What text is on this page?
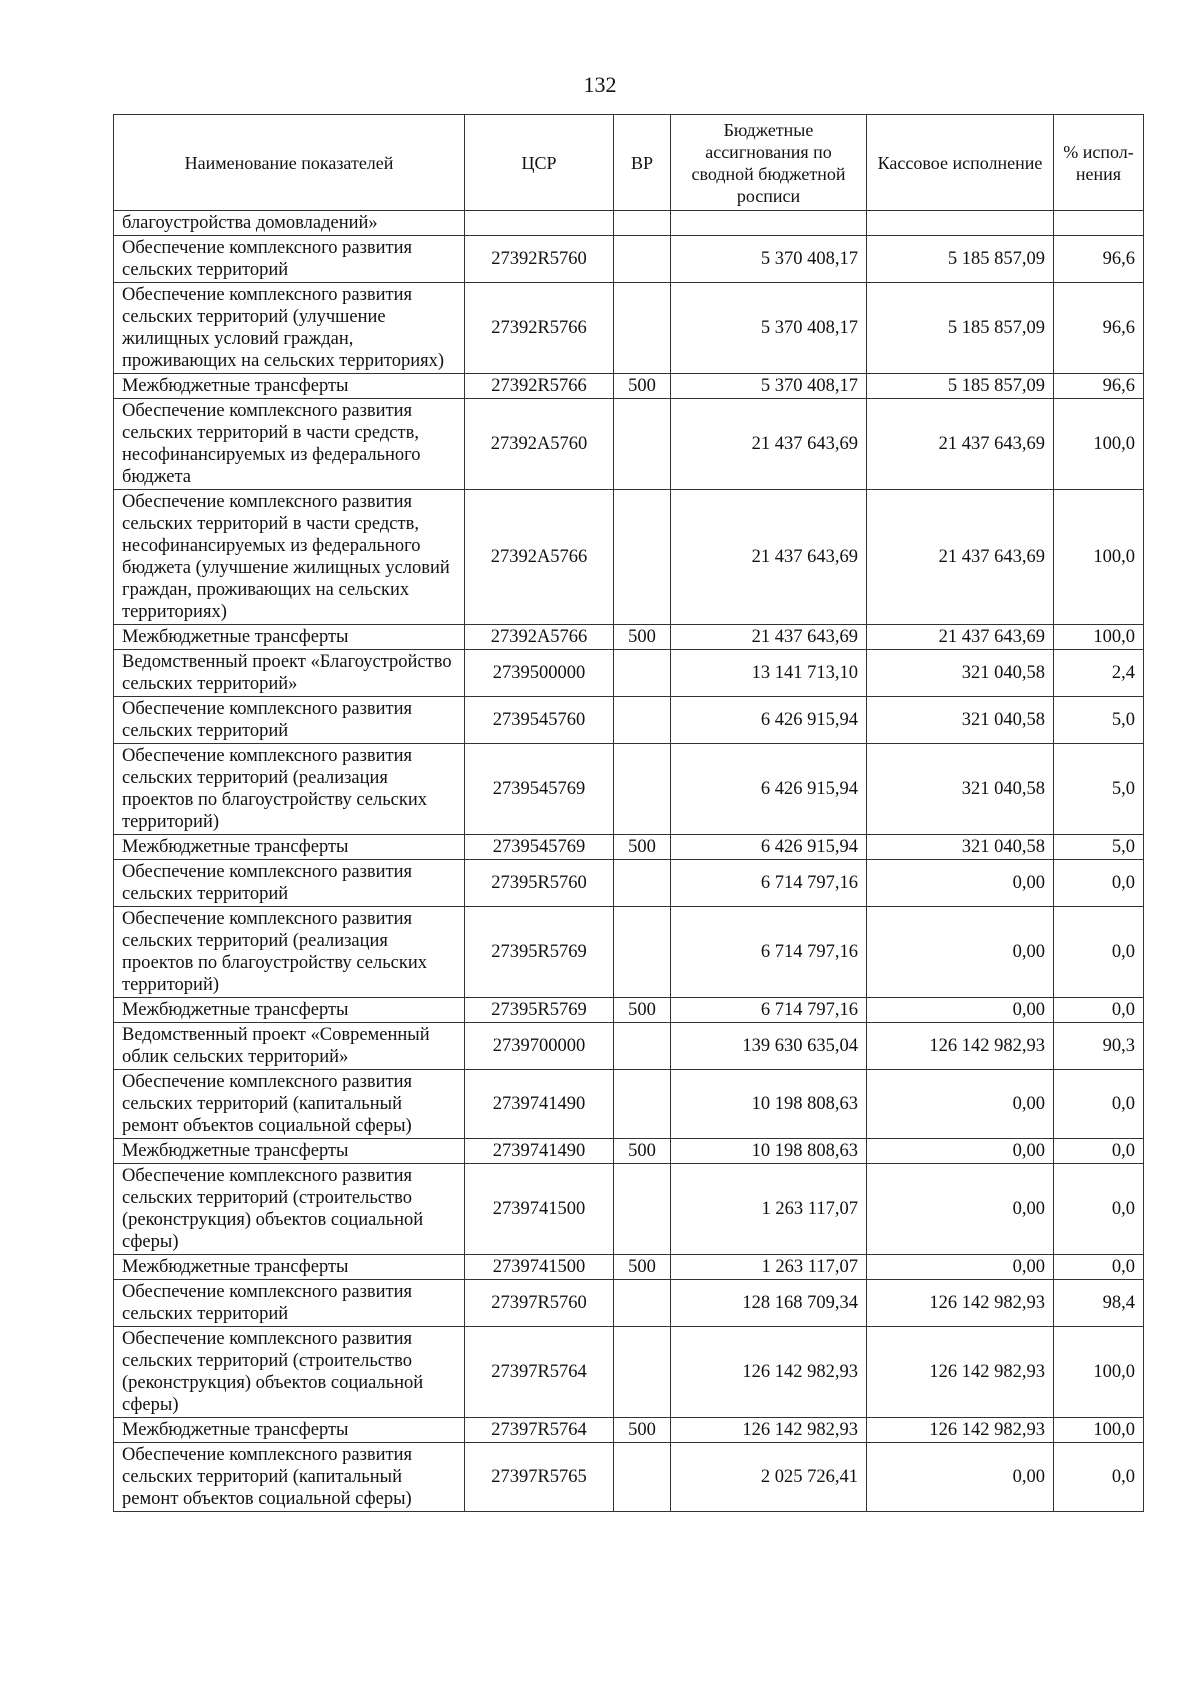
132
Наименование показателей	ЦСР	ВР	Бюджетные ассигнования по сводной бюджетной росписи	Кассовое исполнение	% испол-нения
благоустройства домовладений»					
Обеспечение комплексного развития сельских территорий	27392R5760		5 370 408,17	5 185 857,09	96,6
Обеспечение комплексного развития сельских территорий (улучшение жилищных условий граждан, проживающих на сельских территориях)	27392R5766		5 370 408,17	5 185 857,09	96,6
Межбюджетные трансферты	27392R5766	500	5 370 408,17	5 185 857,09	96,6
Обеспечение комплексного развития сельских территорий в части средств, несофинансируемых из федерального бюджета	27392A5760		21 437 643,69	21 437 643,69	100,0
Обеспечение комплексного развития сельских территорий в части средств, несофинансируемых из федерального бюджета (улучшение жилищных условий граждан, проживающих на сельских территориях)	27392A5766		21 437 643,69	21 437 643,69	100,0
Межбюджетные трансферты	27392A5766	500	21 437 643,69	21 437 643,69	100,0
Ведомственный проект «Благоустройство сельских территорий»	2739500000		13 141 713,10	321 040,58	2,4
Обеспечение комплексного развития сельских территорий	2739545760		6 426 915,94	321 040,58	5,0
Обеспечение комплексного развития сельских территорий (реализация проектов по благоустройству сельских территорий)	2739545769		6 426 915,94	321 040,58	5,0
Межбюджетные трансферты	2739545769	500	6 426 915,94	321 040,58	5,0
Обеспечение комплексного развития сельских территорий	27395R5760		6 714 797,16	0,00	0,0
Обеспечение комплексного развития сельских территорий (реализация проектов по благоустройству сельских территорий)	27395R5769		6 714 797,16	0,00	0,0
Межбюджетные трансферты	27395R5769	500	6 714 797,16	0,00	0,0
Ведомственный проект «Современный облик сельских территорий»	2739700000		139 630 635,04	126 142 982,93	90,3
Обеспечение комплексного развития сельских территорий (капитальный ремонт объектов социальной сферы)	2739741490		10 198 808,63	0,00	0,0
Межбюджетные трансферты	2739741490	500	10 198 808,63	0,00	0,0
Обеспечение комплексного развития сельских территорий (строительство (реконструкция) объектов социальной сферы)	2739741500		1 263 117,07	0,00	0,0
Межбюджетные трансферты	2739741500	500	1 263 117,07	0,00	0,0
Обеспечение комплексного развития сельских территорий	27397R5760		128 168 709,34	126 142 982,93	98,4
Обеспечение комплексного развития сельских территорий (строительство (реконструкция) объектов социальной сферы)	27397R5764		126 142 982,93	126 142 982,93	100,0
Межбюджетные трансферты	27397R5764	500	126 142 982,93	126 142 982,93	100,0
Обеспечение комплексного развития сельских территорий (капитальный ремонт объектов социальной сферы)	27397R5765		2 025 726,41	0,00	0,0
